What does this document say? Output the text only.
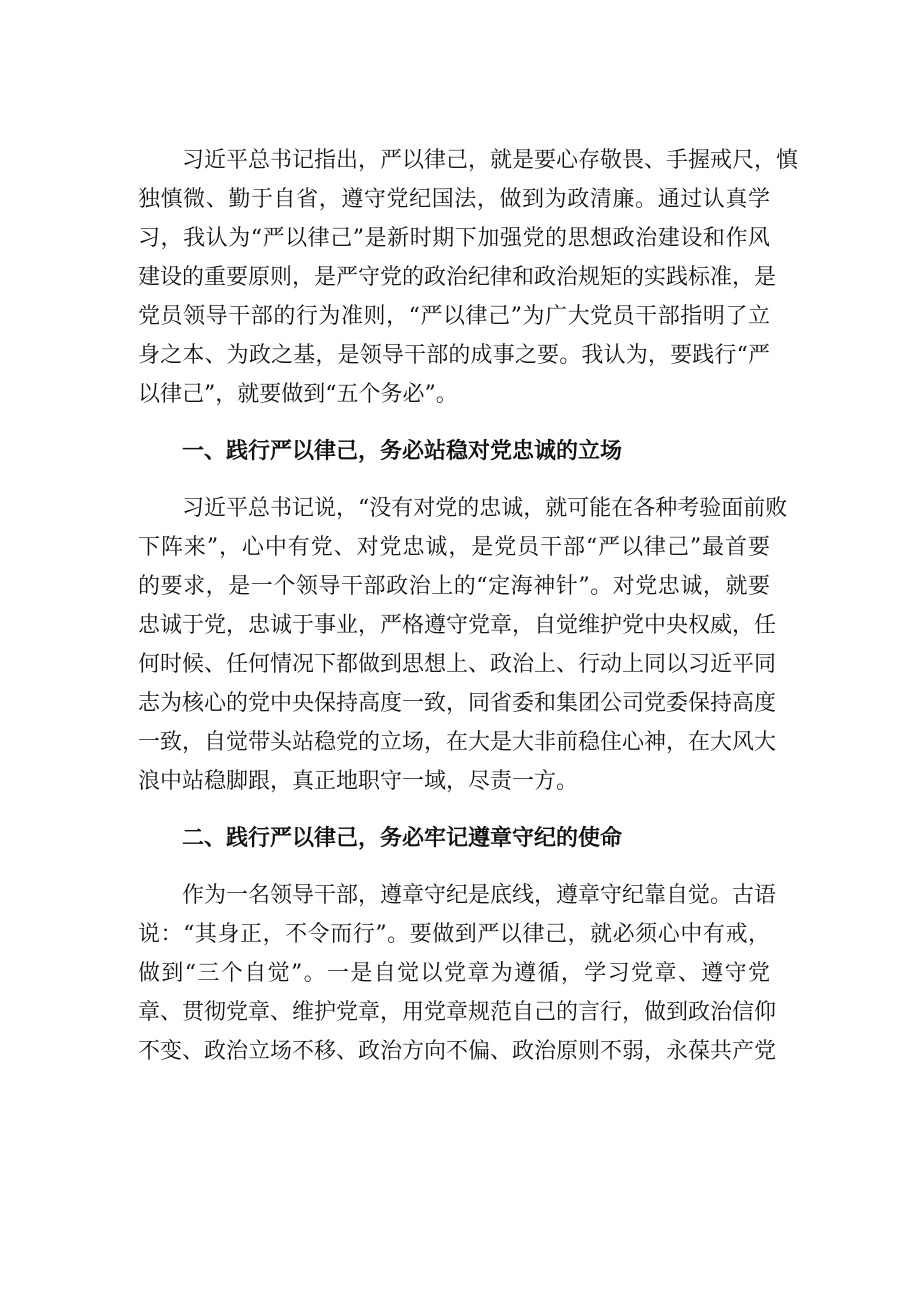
习近平总书记指出，严以律己，就是要心存敬畏、手握戒尺，慎
独慎微、勤于自省，遵守党纪国法，做到为政清廉。通过认真学
习，我认为“严以律己”是新时期下加强党的思想政治建设和作风
建设的重要原则，是严守党的政治纪律和政治规矩的实践标准，是
党员领导干部的行为准则，“严以律己”为广大党员干部指明了立
身之本、为政之基，是领导干部的成事之要。我认为，要践行“严
以律己”，就要做到“五个务必”。
一、践行严以律己，务必站稳对党忠诚的立场
习近平总书记说，“没有对党的忠诚，就可能在各种考验面前败
下阵来”，心中有党、对党忠诚，是党员干部“严以律己”最首要
的要求，是一个领导干部政治上的“定海神针”。对党忠诚，就要
忠诚于党，忠诚于事业，严格遵守党章，自觉维护党中央权威，任
何时候、任何情况下都做到思想上、政治上、行动上同以习近平同
志为核心的党中央保持高度一致，同省委和集团公司党委保持高度
一致，自觉带头站稳党的立场，在大是大非前稳住心神，在大风大
浪中站稳脚跟，真正地职守一域，尽责一方。
二、践行严以律己，务必牢记遵章守纪的使命
作为一名领导干部，遵章守纪是底线，遵章守纪靠自觉。古语
说：“其身正，不令而行”。要做到严以律己，就必须心中有戒，
做到“三个自觉”。一是自觉以党章为遵循，学习党章、遵守党
章、贯彻党章、维护党章，用党章规范自己的言行，做到政治信仰
不变、政治立场不移、政治方向不偏、政治原则不弱，永葆共产党
